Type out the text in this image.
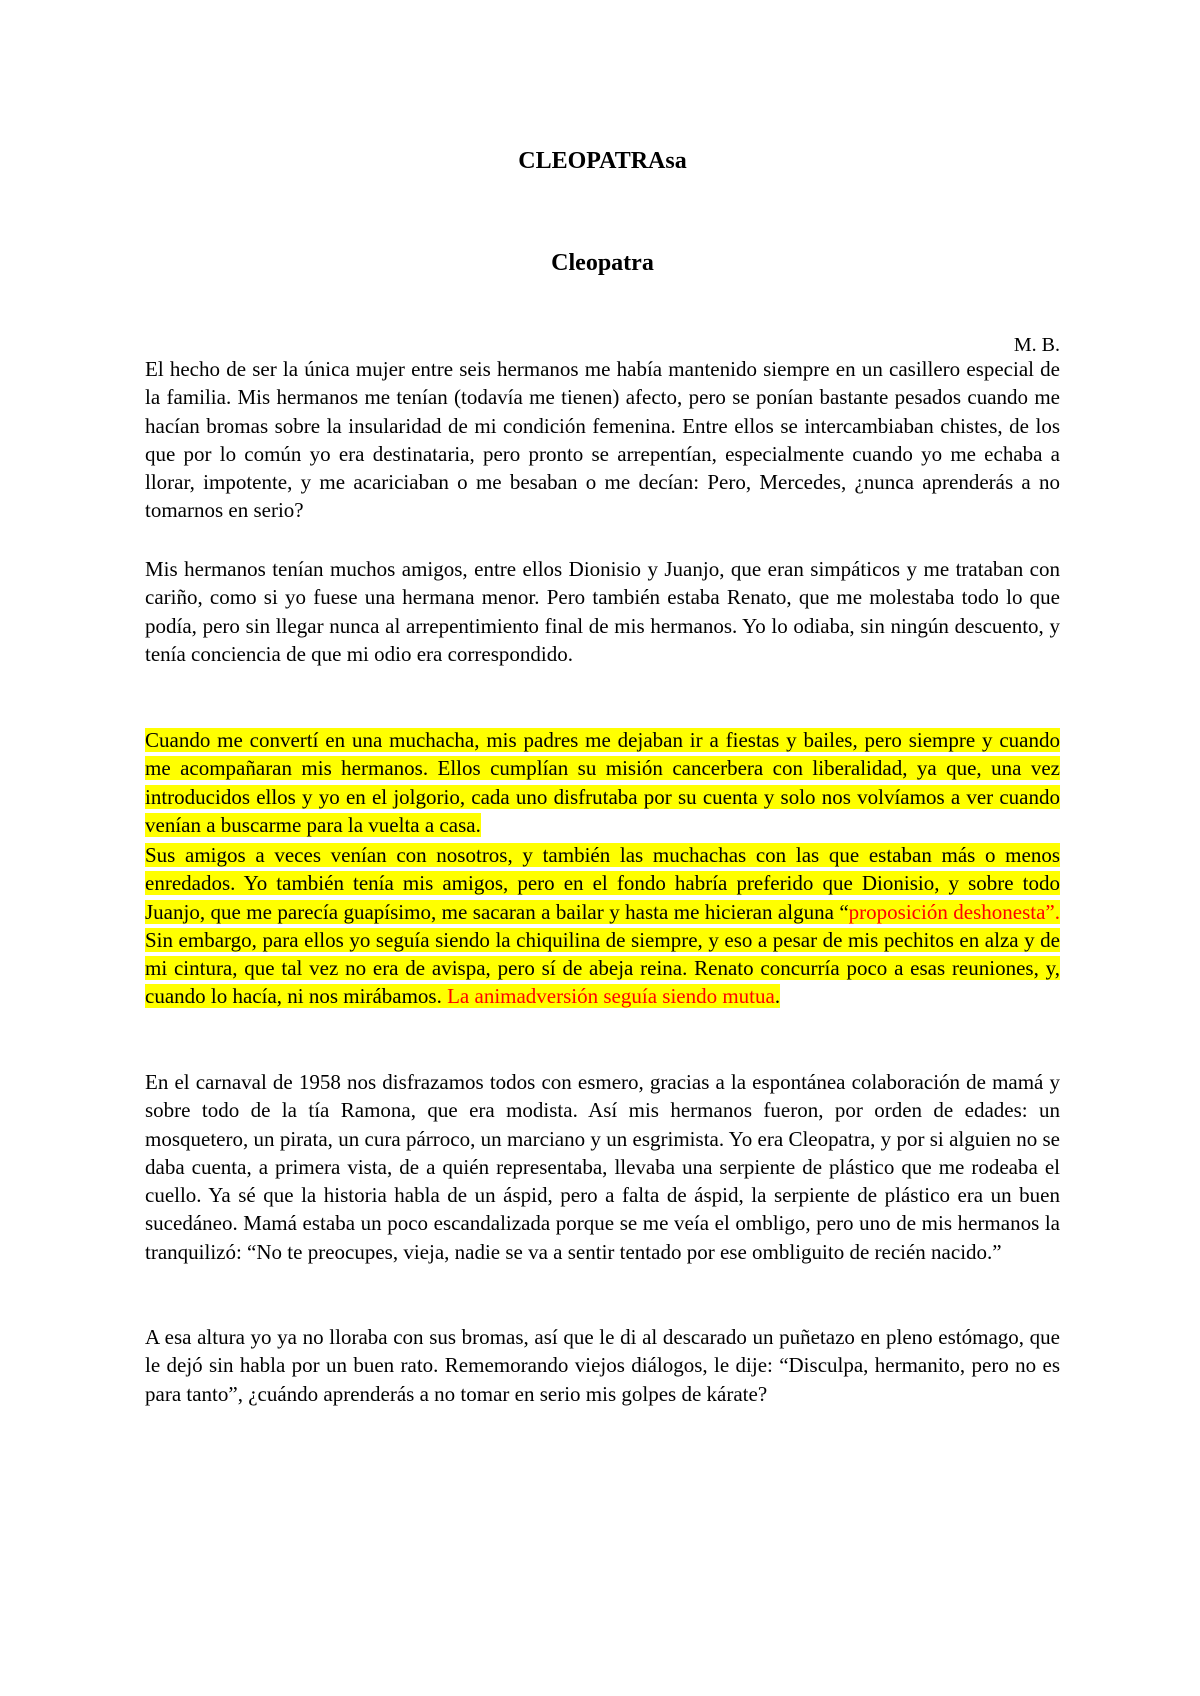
CLEOPATRAsa
Cleopatra
M. B.

El hecho de ser la única mujer entre seis hermanos me había mantenido siempre en un casillero especial de la familia. Mis hermanos me tenían (todavía me tienen) afecto, pero se ponían bastante pesados cuando me hacían bromas sobre la insularidad de mi condición femenina. Entre ellos se intercambiaban chistes, de los que por lo común yo era destinataria, pero pronto se arrepentían, especialmente cuando yo me echaba a llorar, impotente, y me acariciaban o me besaban o me decían: Pero, Mercedes, ¿nunca aprenderás a no tomarnos en serio?

Mis hermanos tenían muchos amigos, entre ellos Dionisio y Juanjo, que eran simpáticos y me trataban con cariño, como si yo fuese una hermana menor. Pero también estaba Renato, que me molestaba todo lo que podía, pero sin llegar nunca al arrepentimiento final de mis hermanos. Yo lo odiaba, sin ningún descuento, y tenía conciencia de que mi odio era correspondido.

Cuando me convertí en una muchacha, mis padres me dejaban ir a fiestas y bailes, pero siempre y cuando me acompañaran mis hermanos. Ellos cumplían su misión cancerbera con liberalidad, ya que, una vez introducidos ellos y yo en el jolgorio, cada uno disfrutaba por su cuenta y solo nos volvíamos a ver cuando venían a buscarme para la vuelta a casa.

Sus amigos a veces venían con nosotros, y también las muchachas con las que estaban más o menos enredados. Yo también tenía mis amigos, pero en el fondo habría preferido que Dionisio, y sobre todo Juanjo, que me parecía guapísimo, me sacaran a bailar y hasta me hicieran alguna “proposición deshonesta”. Sin embargo, para ellos yo seguía siendo la chiquilina de siempre, y eso a pesar de mis pechitos en alza y de mi cintura, que tal vez no era de avispa, pero sí de abeja reina. Renato concurría poco a esas reuniones, y, cuando lo hacía, ni nos mirábamos. La animadversión seguía siendo mutua.

En el carnaval de 1958 nos disfrazamos todos con esmero, gracias a la espontánea colaboración de mamá y sobre todo de la tía Ramona, que era modista. Así mis hermanos fueron, por orden de edades: un mosquetero, un pirata, un cura párroco, un marciano y un esgrimista. Yo era Cleopatra, y por si alguien no se daba cuenta, a primera vista, de a quién representaba, llevaba una serpiente de plástico que me rodeaba el cuello. Ya sé que la historia habla de un áspid, pero a falta de áspid, la serpiente de plástico era un buen sucedáneo. Mamá estaba un poco escandalizada porque se me veía el ombligo, pero uno de mis hermanos la tranquilizó: “No te preocupes, vieja, nadie se va a sentir tentado por ese ombliguito de recién nacido.”

A esa altura yo ya no lloraba con sus bromas, así que le di al descarado un puñetazo en pleno estómago, que le dejó sin habla por un buen rato. Rememorando viejos diálogos, le dije: “Disculpa, hermanito, pero no es para tanto”, ¿cuándo aprenderás a no tomar en serio mis golpes de kárate?
